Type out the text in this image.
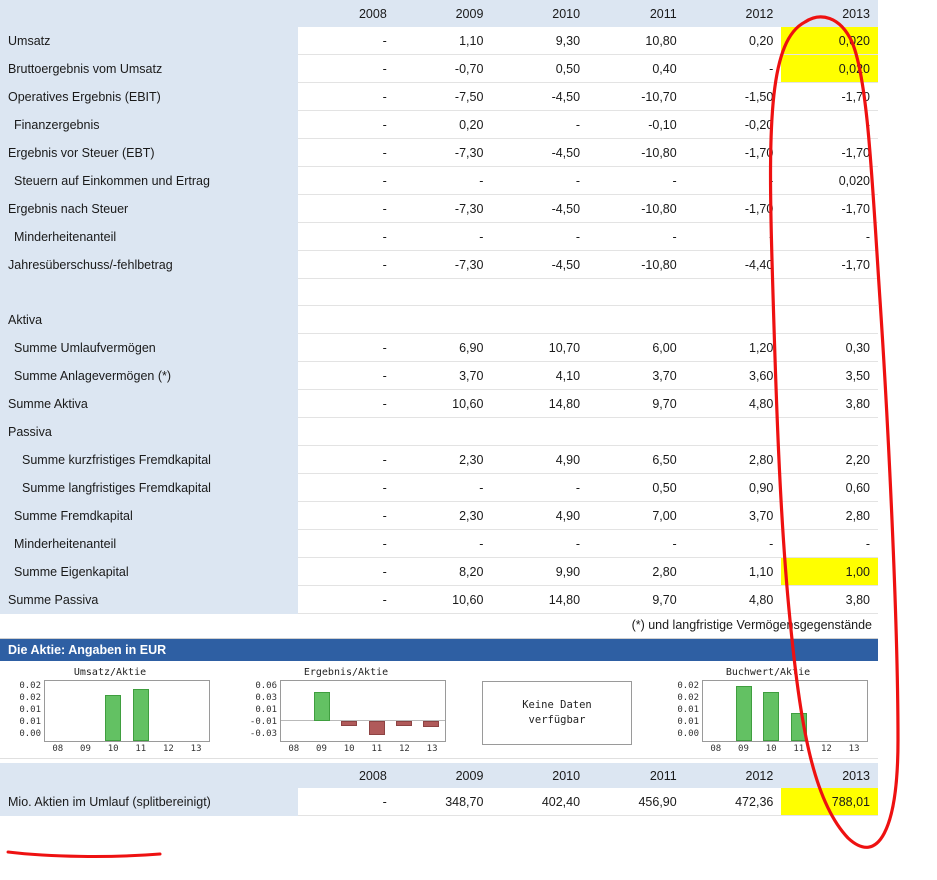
	2008	2009	2010	2011	2012	2013
Umsatz	-	1,10	9,30	10,80	0,20	0,020
Bruttoergebnis vom Umsatz	-	-0,70	0,50	0,40	-	0,020
Operatives Ergebnis (EBIT)	-	-7,50	-4,50	-10,70	-1,50	-1,70
Finanzergebnis	-	0,20	-	-0,10	-0,20	-
Ergebnis vor Steuer (EBT)	-	-7,30	-4,50	-10,80	-1,70	-1,70
Steuern auf Einkommen und Ertrag	-	-	-	-	-	0,020
Ergebnis nach Steuer	-	-7,30	-4,50	-10,80	-1,70	-1,70
Minderheitenanteil	-	-	-	-	-	-
Jahresüberschuss/-fehlbetrag	-	-7,30	-4,50	-10,80	-4,40	-1,70

Aktiva						
Summe Umlaufvermögen	-	6,90	10,70	6,00	1,20	0,30
Summe Anlagevermögen (*)	-	3,70	4,10	3,70	3,60	3,50
Summe Aktiva	-	10,60	14,80	9,70	4,80	3,80
Passiva						
Summe kurzfristiges Fremdkapital	-	2,30	4,90	6,50	2,80	2,20
Summe langfristiges Fremdkapital	-	-	-	0,50	0,90	0,60
Summe Fremdkapital	-	2,30	4,90	7,00	3,70	2,80
Minderheitenanteil	-	-	-	-	-	-
Summe Eigenkapital	-	8,20	9,90	2,80	1,10	1,00
Summe Passiva	-	10,60	14,80	9,70	4,80	3,80
(*) und langfristige Vermögensgegenstände
Die Aktie: Angaben in EUR
Umsatz/Aktie
0.02
0.02
0.01
0.01
0.00
08	09	10	11	12	13
Ergebnis/Aktie
0.06
0.03
0.01
-0.01
-0.03
08	09	10	11	12	13
Keine Daten
verfügbar
Buchwert/Aktie
0.02
0.02
0.01
0.01
0.00
08	09	10	11	12	13
	2008	2009	2010	2011	2012	2013
Mio. Aktien im Umlauf (splitbereinigt)	-	348,70	402,40	456,90	472,36	788,01
